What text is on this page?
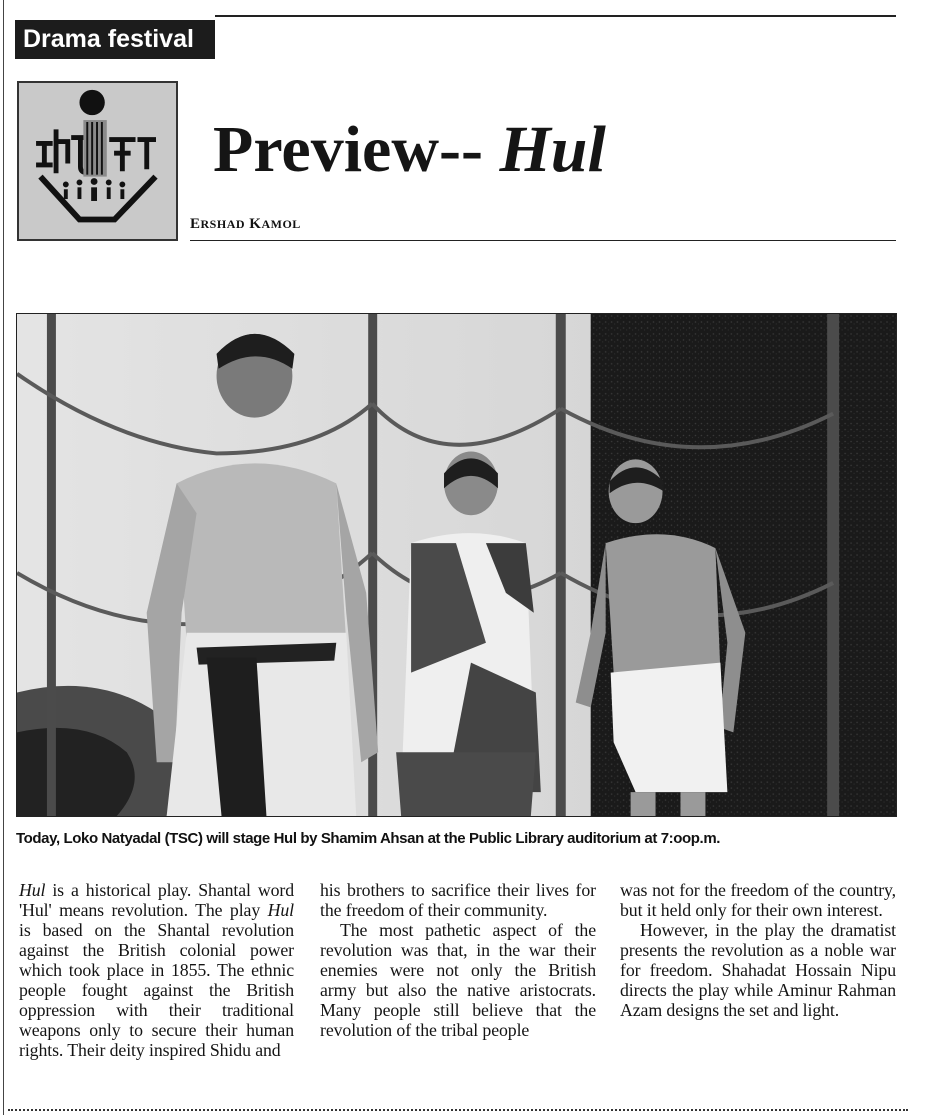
Drama festival
Preview-- Hul
ERSHAD KAMOL
Today, Loko Natyadal (TSC) will stage Hul by Shamim Ahsan at the Public Library auditorium at 7:oop.m.

Hul is a historical play. Shantal word 'Hul' means revolution. The play Hul is based on the Shantal revolution against the British colonial power which took place in 1855. The ethnic people fought against the British oppression with their traditional weapons only to secure their human rights. Their deity inspired Shidu and

his brothers to sacrifice their lives for the freedom of their community.

The most pathetic aspect of the revolution was that, in the war their enemies were not only the British army but also the native aristocrats. Many people still believe that the revolution of the tribal people

was not for the freedom of the country, but it held only for their own interest.

However, in the play the dramatist presents the revolution as a noble war for freedom. Shahadat Hossain Nipu directs the play while Aminur Rahman Azam designs the set and light.
